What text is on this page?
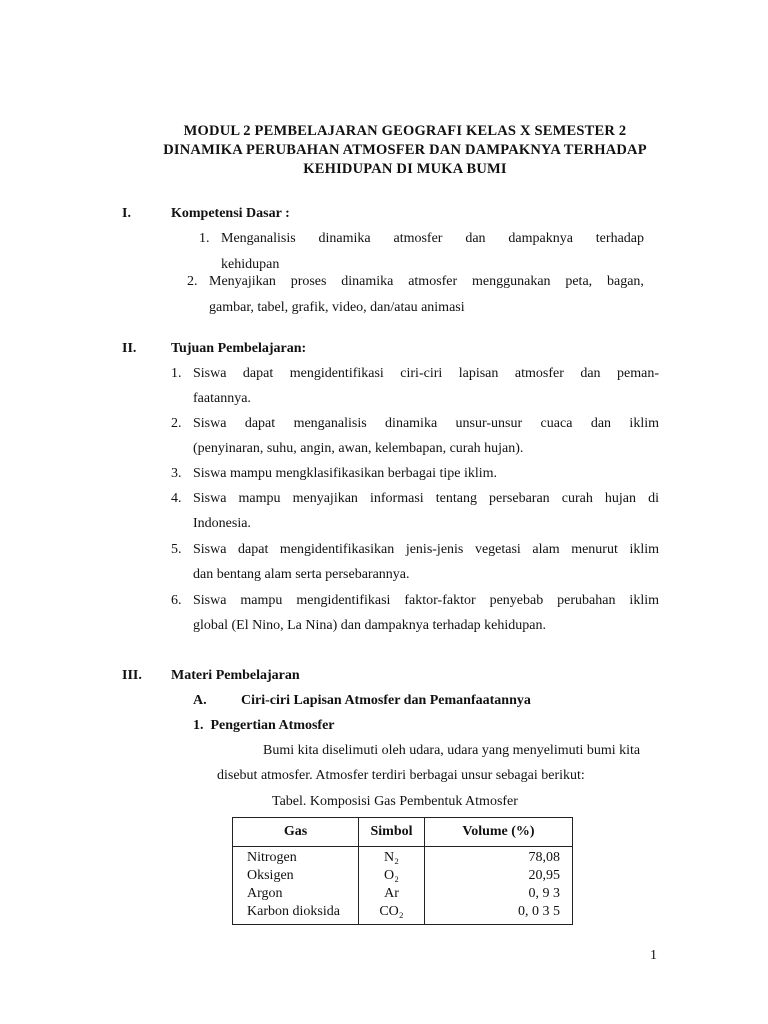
MODUL 2 PEMBELAJARAN GEOGRAFI KELAS X SEMESTER 2
DINAMIKA PERUBAHAN ATMOSFER DAN DAMPAKNYA TERHADAP
KEHIDUPAN DI MUKA BUMI
I.	Kompetensi Dasar :
1. Menganalisis dinamika atmosfer dan dampaknya terhadap
kehidupan
2. Menyajikan proses dinamika atmosfer menggunakan peta, bagan,
gambar, tabel, grafik, video, dan/atau animasi
II. Tujuan Pembelajaran:
1. Siswa dapat mengidentifikasi ciri-ciri lapisan atmosfer dan peman-
faatannya.
2. Siswa dapat menganalisis dinamika unsur-unsur cuaca dan iklim
(penyinaran, suhu, angin, awan, kelembapan, curah hujan).
3. Siswa mampu mengklasifikasikan berbagai tipe iklim.
4. Siswa mampu menyajikan informasi tentang persebaran curah hujan di
Indonesia.
5. Siswa dapat mengidentifikasikan jenis-jenis vegetasi alam menurut iklim
dan bentang alam serta persebarannya.
6. Siswa mampu mengidentifikasi faktor-faktor penyebab perubahan iklim
global (El Nino, La Nina) dan dampaknya terhadap kehidupan.
III. Materi Pembelajaran
A. Ciri-ciri Lapisan Atmosfer dan Pemanfaatannya
1.  Pengertian Atmosfer
Bumi kita diselimuti oleh udara, udara yang menyelimuti bumi kita
disebut atmosfer. Atmosfer terdiri berbagai unsur sebagai berikut:
Tabel. Komposisi Gas Pembentuk Atmosfer
Gas	Simbol	Volume (%)
Nitrogen	N₂	78,08
Oksigen	O₂	20,95
Argon	Ar	0, 9 3
Karbon dioksida	CO₂	0, 0 3 5
1
